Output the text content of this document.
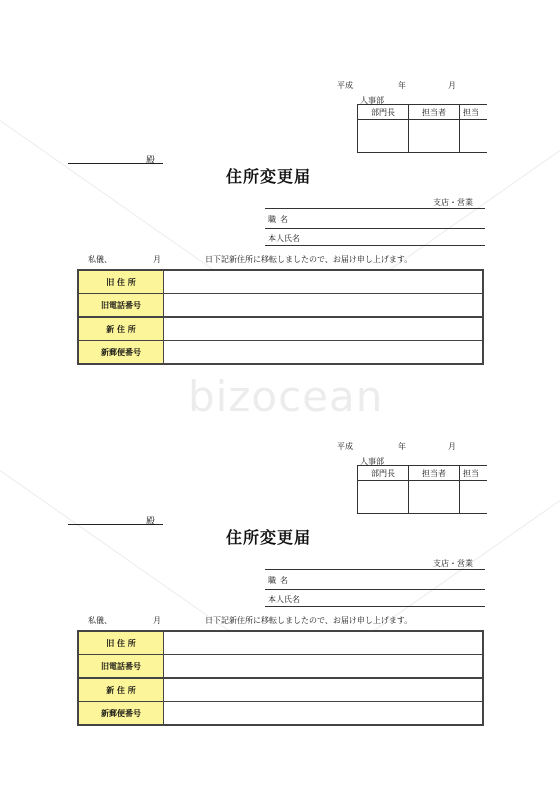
bizocean
平成	年	月
人事部
部門長	担当者	担当

殿
住所変更届
支店・営業
職名
本人氏名
私儀、	月	日下記新住所に移転しましたので、お届け申し上げます。
旧 住 所	
旧電話番号	
新 住 所	
新郵便番号	
平成	年	月
人事部
部門長	担当者	担当

殿
住所変更届
支店・営業
職名
本人氏名
私儀、	月	日下記新住所に移転しましたので、お届け申し上げます。
旧 住 所	
旧電話番号	
新 住 所	
新郵便番号	
